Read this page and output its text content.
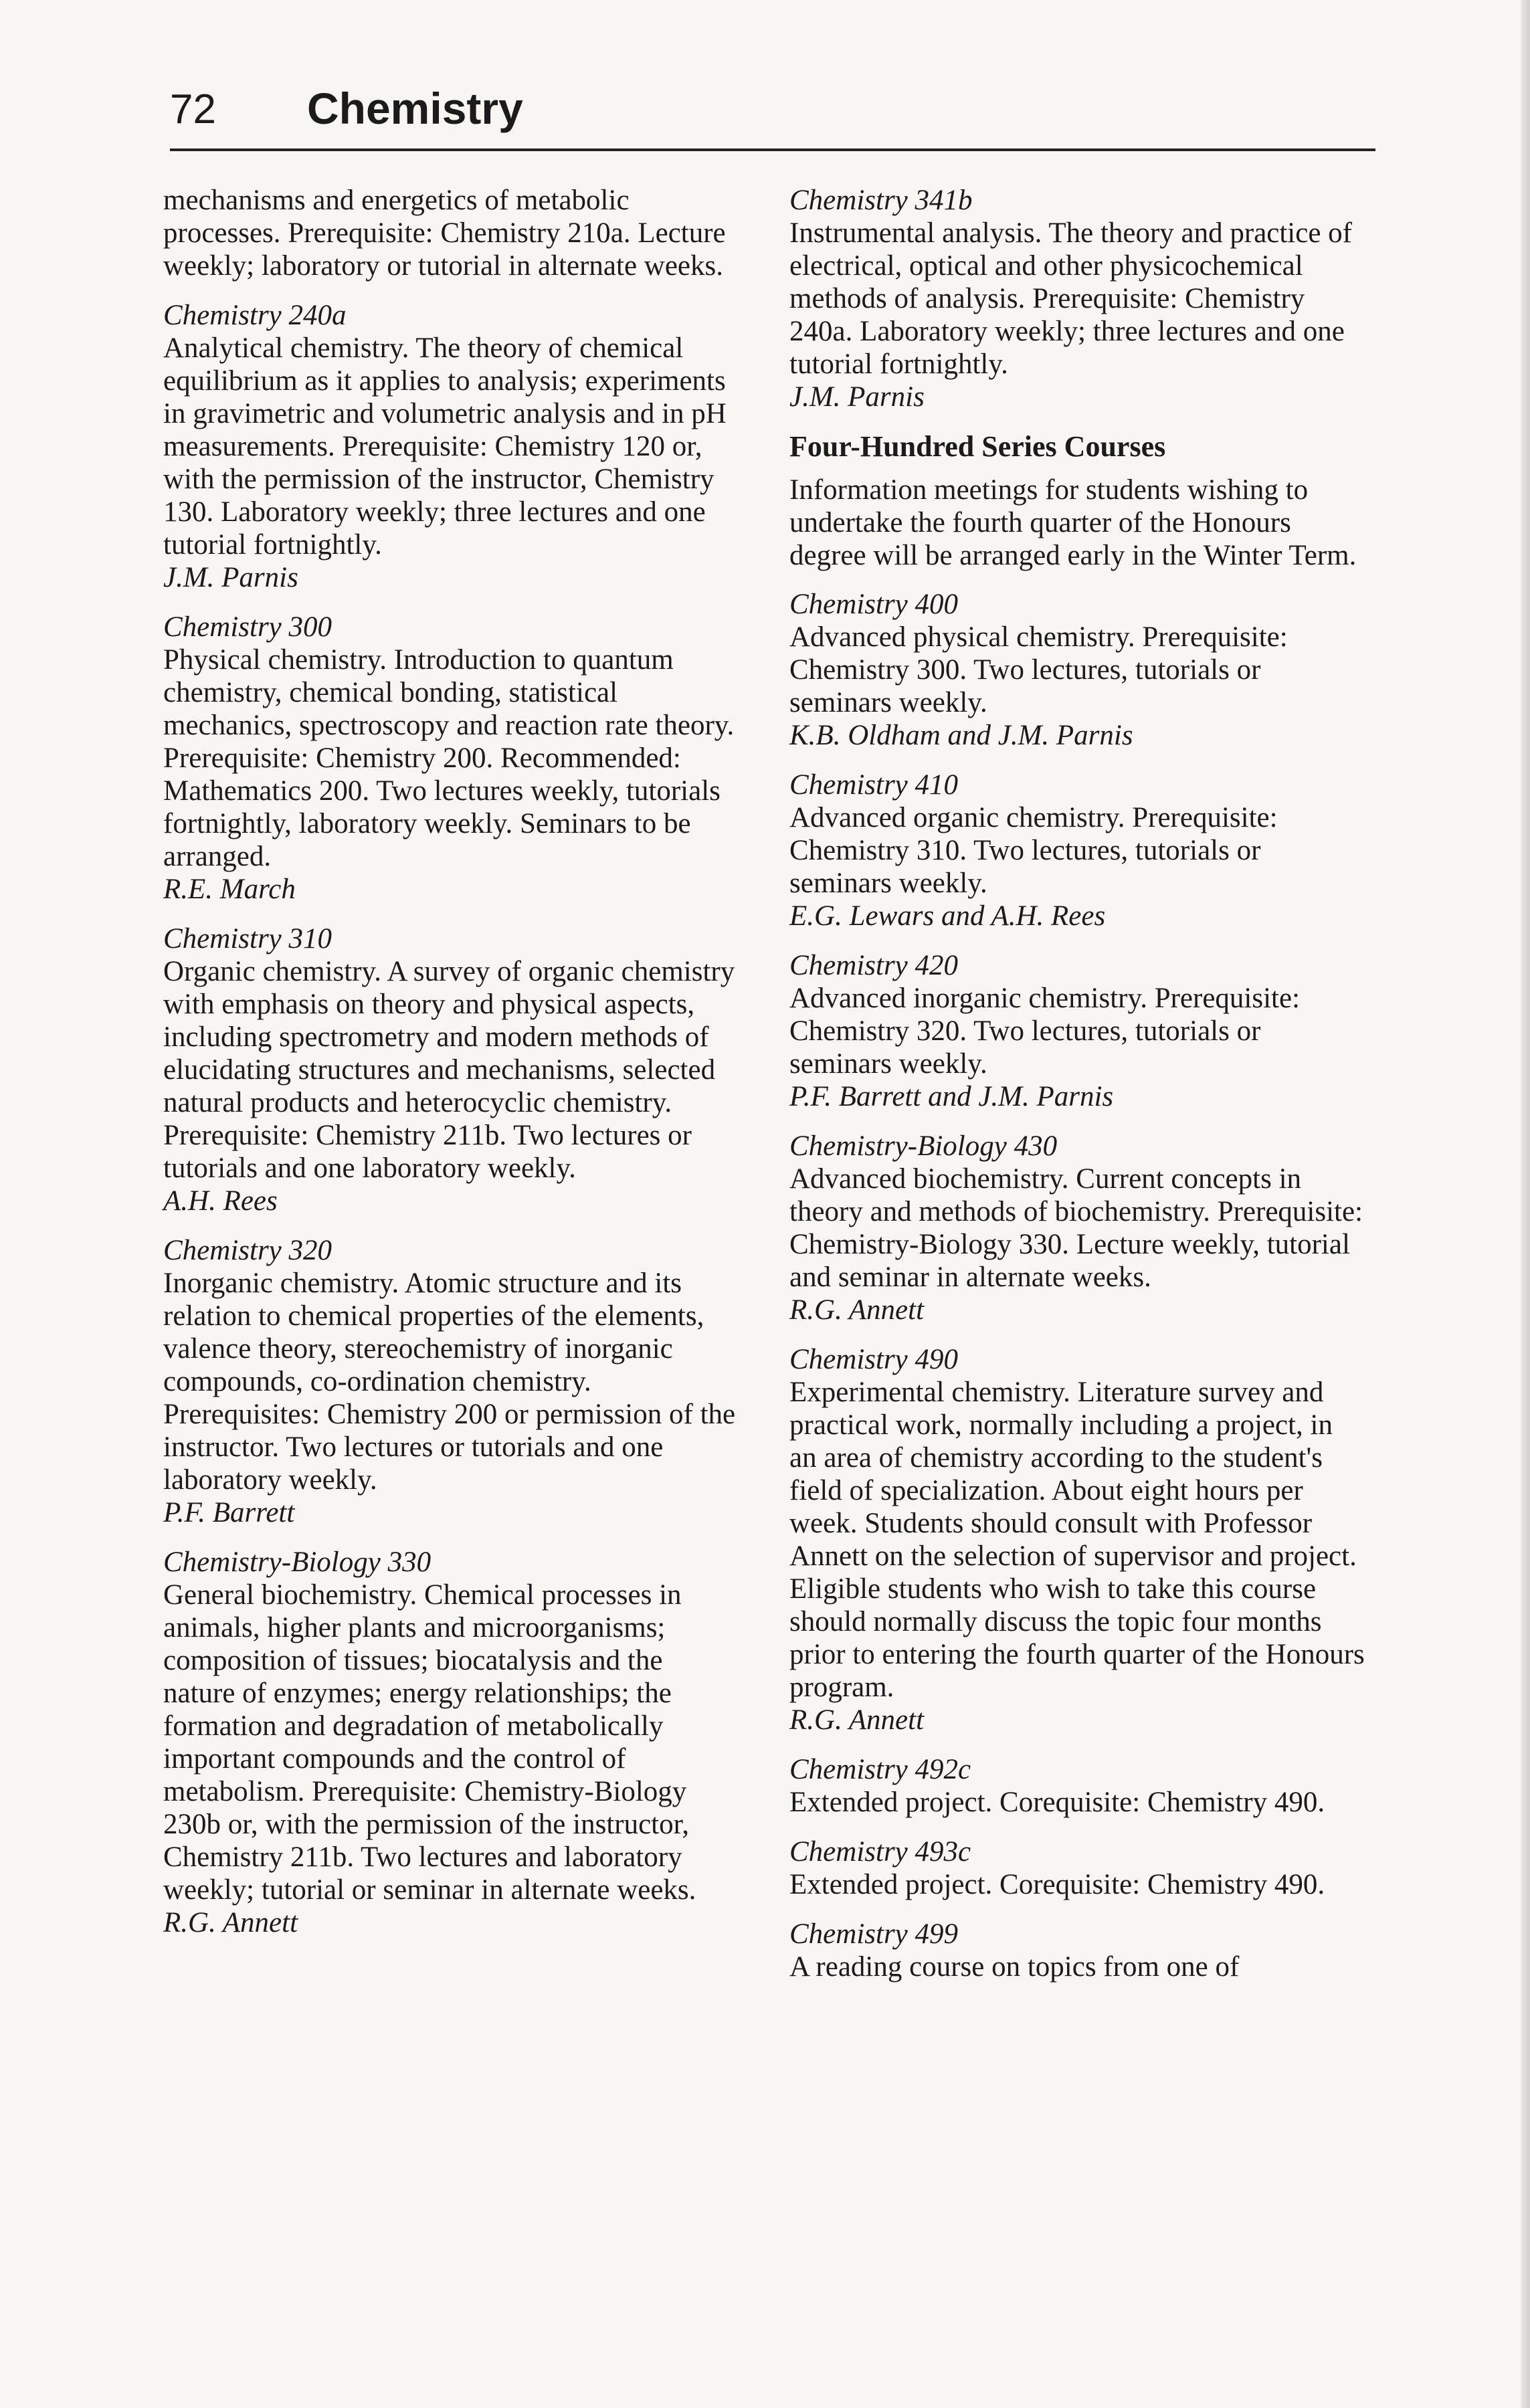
72 Chemistry
mechanisms and energetics of metabolic processes. Prerequisite: Chemistry 210a. Lecture weekly; laboratory or tutorial in alternate weeks.
Chemistry 240a
Analytical chemistry. The theory of chemical equilibrium as it applies to analysis; experiments in gravimetric and volumetric analysis and in pH measurements. Prerequisite: Chemistry 120 or, with the permission of the instructor, Chemistry 130. Laboratory weekly; three lectures and one tutorial fortnightly.
J.M. Parnis
Chemistry 300
Physical chemistry. Introduction to quantum chemistry, chemical bonding, statistical mechanics, spectroscopy and reaction rate theory. Prerequisite: Chemistry 200. Recommended: Mathematics 200. Two lectures weekly, tutorials fortnightly, laboratory weekly. Seminars to be arranged.
R.E. March
Chemistry 310
Organic chemistry. A survey of organic chemistry with emphasis on theory and physical aspects, including spectrometry and modern methods of elucidating structures and mechanisms, selected natural products and heterocyclic chemistry. Prerequisite: Chemistry 211b. Two lectures or tutorials and one laboratory weekly.
A.H. Rees
Chemistry 320
Inorganic chemistry. Atomic structure and its relation to chemical properties of the elements, valence theory, stereochemistry of inorganic compounds, co-ordination chemistry. Prerequisites: Chemistry 200 or permission of the instructor. Two lectures or tutorials and one laboratory weekly.
P.F. Barrett
Chemistry-Biology 330
General biochemistry. Chemical processes in animals, higher plants and microorganisms; composition of tissues; biocatalysis and the nature of enzymes; energy relationships; the formation and degradation of metabolically important compounds and the control of metabolism. Prerequisite: Chemistry-Biology 230b or, with the permission of the instructor, Chemistry 211b. Two lectures and laboratory weekly; tutorial or seminar in alternate weeks.
R.G. Annett
Chemistry 341b
Instrumental analysis. The theory and practice of electrical, optical and other physicochemical methods of analysis. Prerequisite: Chemistry 240a. Laboratory weekly; three lectures and one tutorial fortnightly.
J.M. Parnis
Four-Hundred Series Courses
Information meetings for students wishing to undertake the fourth quarter of the Honours degree will be arranged early in the Winter Term.
Chemistry 400
Advanced physical chemistry. Prerequisite: Chemistry 300. Two lectures, tutorials or seminars weekly.
K.B. Oldham and J.M. Parnis
Chemistry 410
Advanced organic chemistry. Prerequisite: Chemistry 310. Two lectures, tutorials or seminars weekly.
E.G. Lewars and A.H. Rees
Chemistry 420
Advanced inorganic chemistry. Prerequisite: Chemistry 320. Two lectures, tutorials or seminars weekly.
P.F. Barrett and J.M. Parnis
Chemistry-Biology 430
Advanced biochemistry. Current concepts in theory and methods of biochemistry. Prerequisite: Chemistry-Biology 330. Lecture weekly, tutorial and seminar in alternate weeks.
R.G. Annett
Chemistry 490
Experimental chemistry. Literature survey and practical work, normally including a project, in an area of chemistry according to the student's field of specialization. About eight hours per week. Students should consult with Professor Annett on the selection of supervisor and project. Eligible students who wish to take this course should normally discuss the topic four months prior to entering the fourth quarter of the Honours program.
R.G. Annett
Chemistry 492c
Extended project. Corequisite: Chemistry 490.
Chemistry 493c
Extended project. Corequisite: Chemistry 490.
Chemistry 499
A reading course on topics from one of
